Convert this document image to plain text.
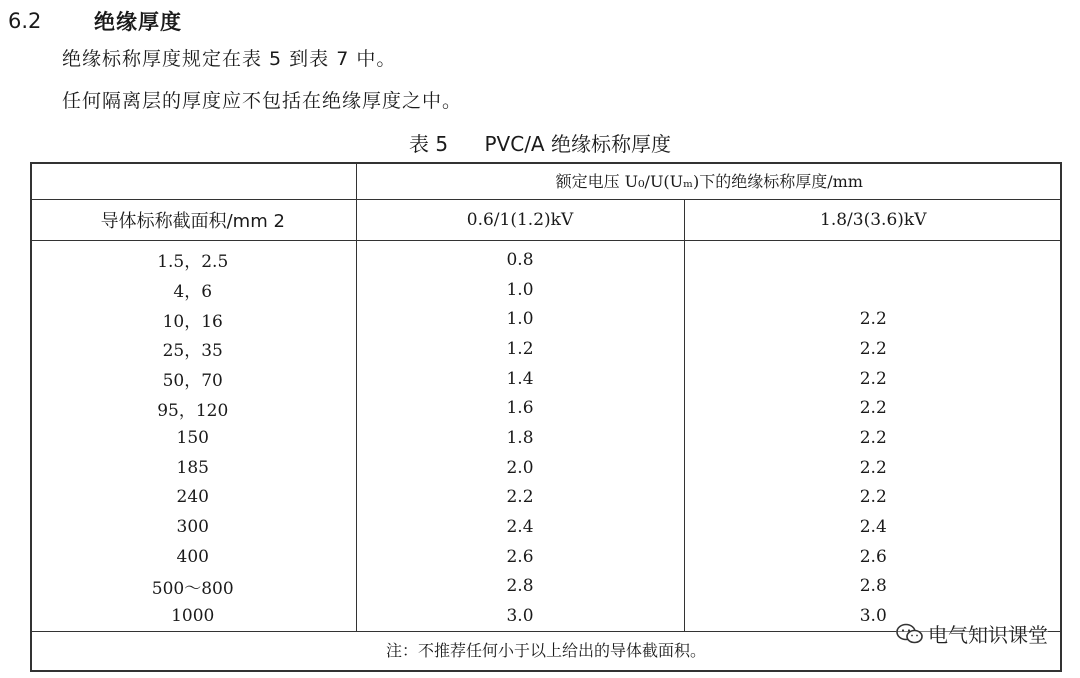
6.2	绝缘厚度
绝缘标称厚度规定在表 5 到表 7 中。
任何隔离层的厚度应不包括在绝缘厚度之中。
表 5 PVC/A 绝缘标称厚度
	额定电压 U₀/U(Uₘ)下的绝缘标称厚度/mm	
导体标称截面积/mm 2	0.6/1(1.2)kV	1.8/3(3.6)kV
1.5，2.5	0.8	
4，6	1.0	
10，16	1.0	2.2
25，35	1.2	2.2
50，70	1.4	2.2
95，120	1.6	2.2
150	1.8	2.2
185	2.0	2.2
240	2.2	2.2
300	2.4	2.4
400	2.6	2.6
500～800	2.8	2.8
1000	3.0	3.0
注：不推荐任何小于以上给出的导体截面积。		
电气知识课堂
